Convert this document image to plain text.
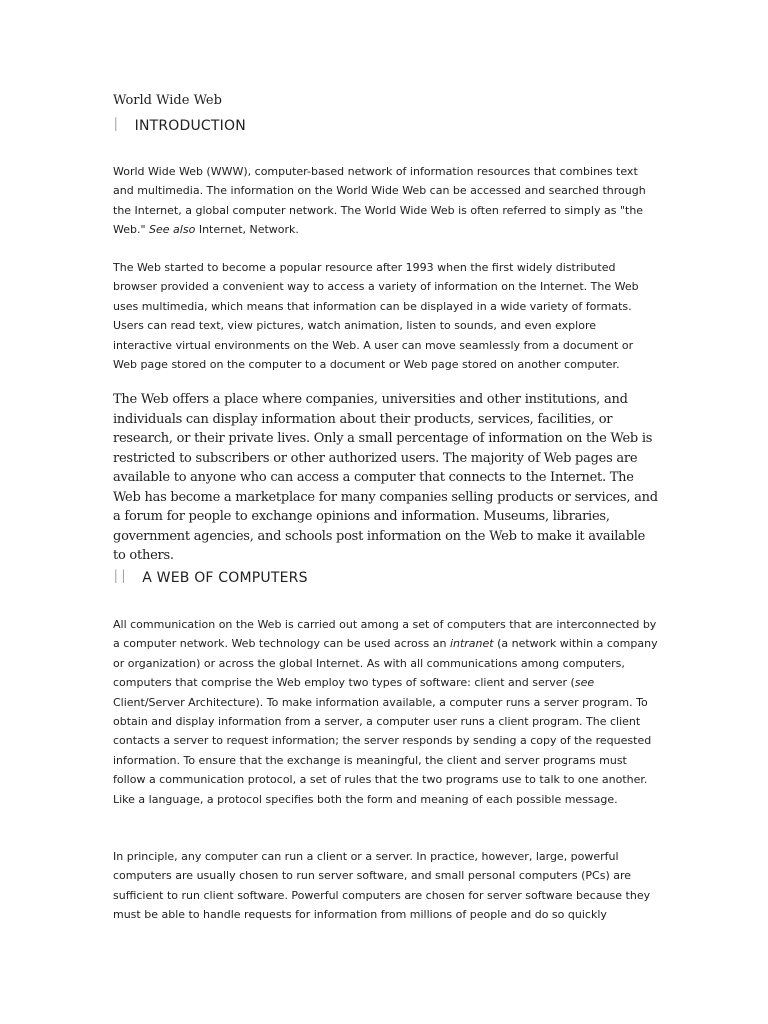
World Wide Web
I INTRODUCTION

World Wide Web (WWW), computer-based network of information resources that combines text and multimedia. The information on the World Wide Web can be accessed and searched through the Internet, a global computer network. The World Wide Web is often referred to simply as "the Web." See also Internet, Network.

The Web started to become a popular resource after 1993 when the first widely distributed browser provided a convenient way to access a variety of information on the Internet. The Web uses multimedia, which means that information can be displayed in a wide variety of formats. Users can read text, view pictures, watch animation, listen to sounds, and even explore interactive virtual environments on the Web. A user can move seamlessly from a document or Web page stored on the computer to a document or Web page stored on another computer.

The Web offers a place where companies, universities and other institutions, and individuals can display information about their products, services, facilities, or research, or their private lives. Only a small percentage of information on the Web is restricted to subscribers or other authorized users. The majority of Web pages are available to anyone who can access a computer that connects to the Internet. The Web has become a marketplace for many companies selling products or services, and a forum for people to exchange opinions and information. Museums, libraries, government agencies, and schools post information on the Web to make it available to others.

II A WEB OF COMPUTERS

All communication on the Web is carried out among a set of computers that are interconnected by a computer network. Web technology can be used across an intranet (a network within a company or organization) or across the global Internet. As with all communications among computers, computers that comprise the Web employ two types of software: client and server (see Client/Server Architecture). To make information available, a computer runs a server program. To obtain and display information from a server, a computer user runs a client program. The client contacts a server to request information; the server responds by sending a copy of the requested information. To ensure that the exchange is meaningful, the client and server programs must follow a communication protocol, a set of rules that the two programs use to talk to one another. Like a language, a protocol specifies both the form and meaning of each possible message.

In principle, any computer can run a client or a server. In practice, however, large, powerful computers are usually chosen to run server software, and small personal computers (PCs) are sufficient to run client software. Powerful computers are chosen for server software because they must be able to handle requests for information from millions of people and do so quickly
